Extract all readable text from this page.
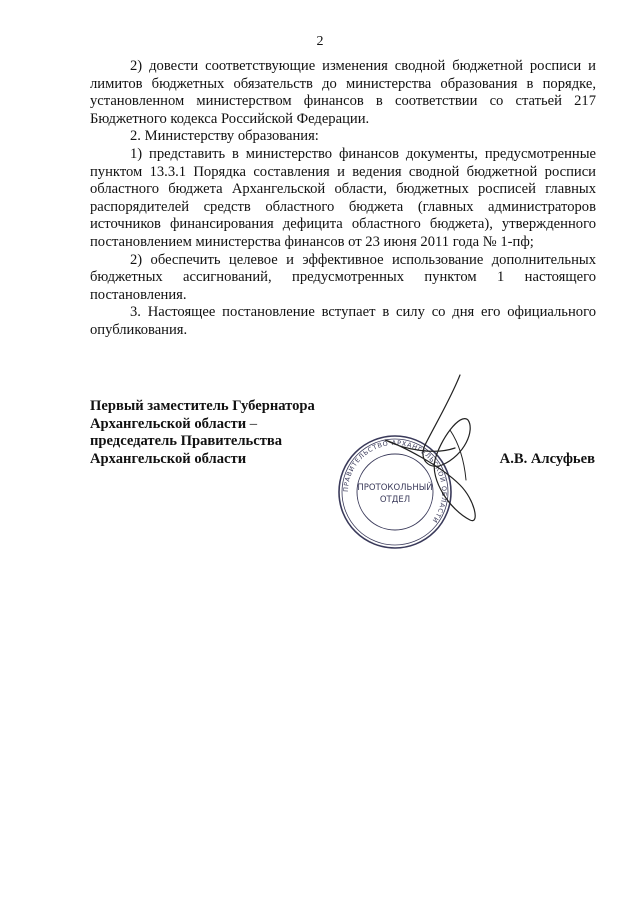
2

2) довести соответствующие изменения сводной бюджетной росписи и лимитов бюджетных обязательств до министерства образования в порядке, установленном министерством финансов в соответствии со статьей 217 Бюджетного кодекса Российской Федерации.

2. Министерству образования:

1) представить в министерство финансов документы, предусмотренные пунктом 13.3.1 Порядка составления и ведения сводной бюджетной росписи областного бюджета Архангельской области, бюджетных росписей главных распорядителей средств областного бюджета (главных администраторов источников финансирования дефицита областного бюджета), утвержденного постановлением министерства финансов от 23 июня 2011 года № 1-пф;

2) обеспечить целевое и эффективное использование дополнительных бюджетных ассигнований, предусмотренных пунктом 1 настоящего постановления.

3. Настоящее постановление вступает в силу со дня его официального опубликования.

Первый заместитель Губернатора
Архангельской области –
председатель Правительства
Архангельской области
ПРАВИТЕЛЬСТВО АРХАНГЕЛЬСКОЙ ОБЛАСТИ
ПРОТОКОЛЬНЫЙ
ОТДЕЛ
А.В. Алсуфьев
